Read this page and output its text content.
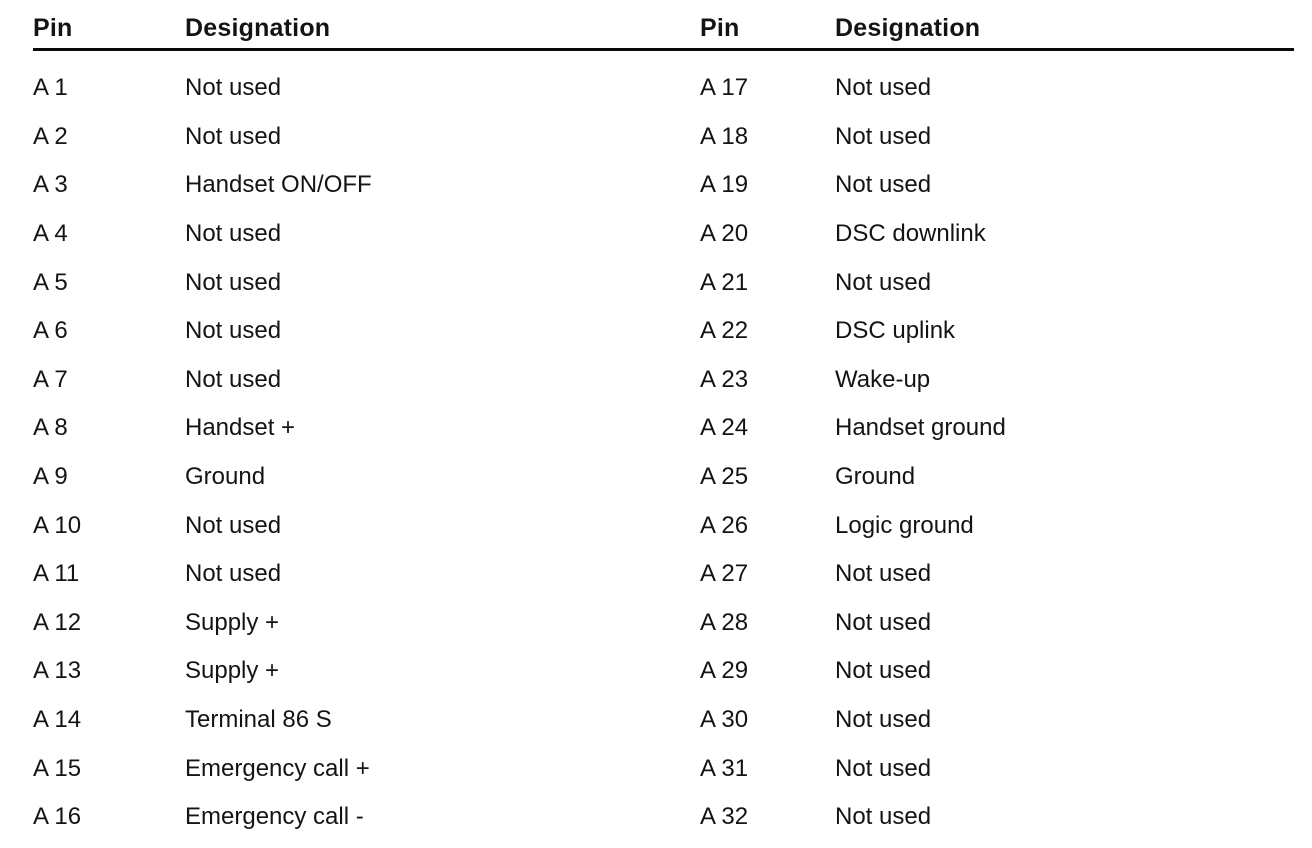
Pin	Designation
A 1	Not used
A 2	Not used
A 3	Handset ON/OFF
A 4	Not used
A 5	Not used
A 6	Not used
A 7	Not used
A 8	Handset +
A 9	Ground
A 10	Not used
A 11	Not used
A 12	Supply +
A 13	Supply +
A 14	Terminal 86 S
A 15	Emergency call +
A 16	Emergency call -
Pin	Designation
A 17	Not used
A 18	Not used
A 19	Not used
A 20	DSC downlink
A 21	Not used
A 22	DSC uplink
A 23	Wake-up
A 24	Handset ground
A 25	Ground
A 26	Logic ground
A 27	Not used
A 28	Not used
A 29	Not used
A 30	Not used
A 31	Not used
A 32	Not used
